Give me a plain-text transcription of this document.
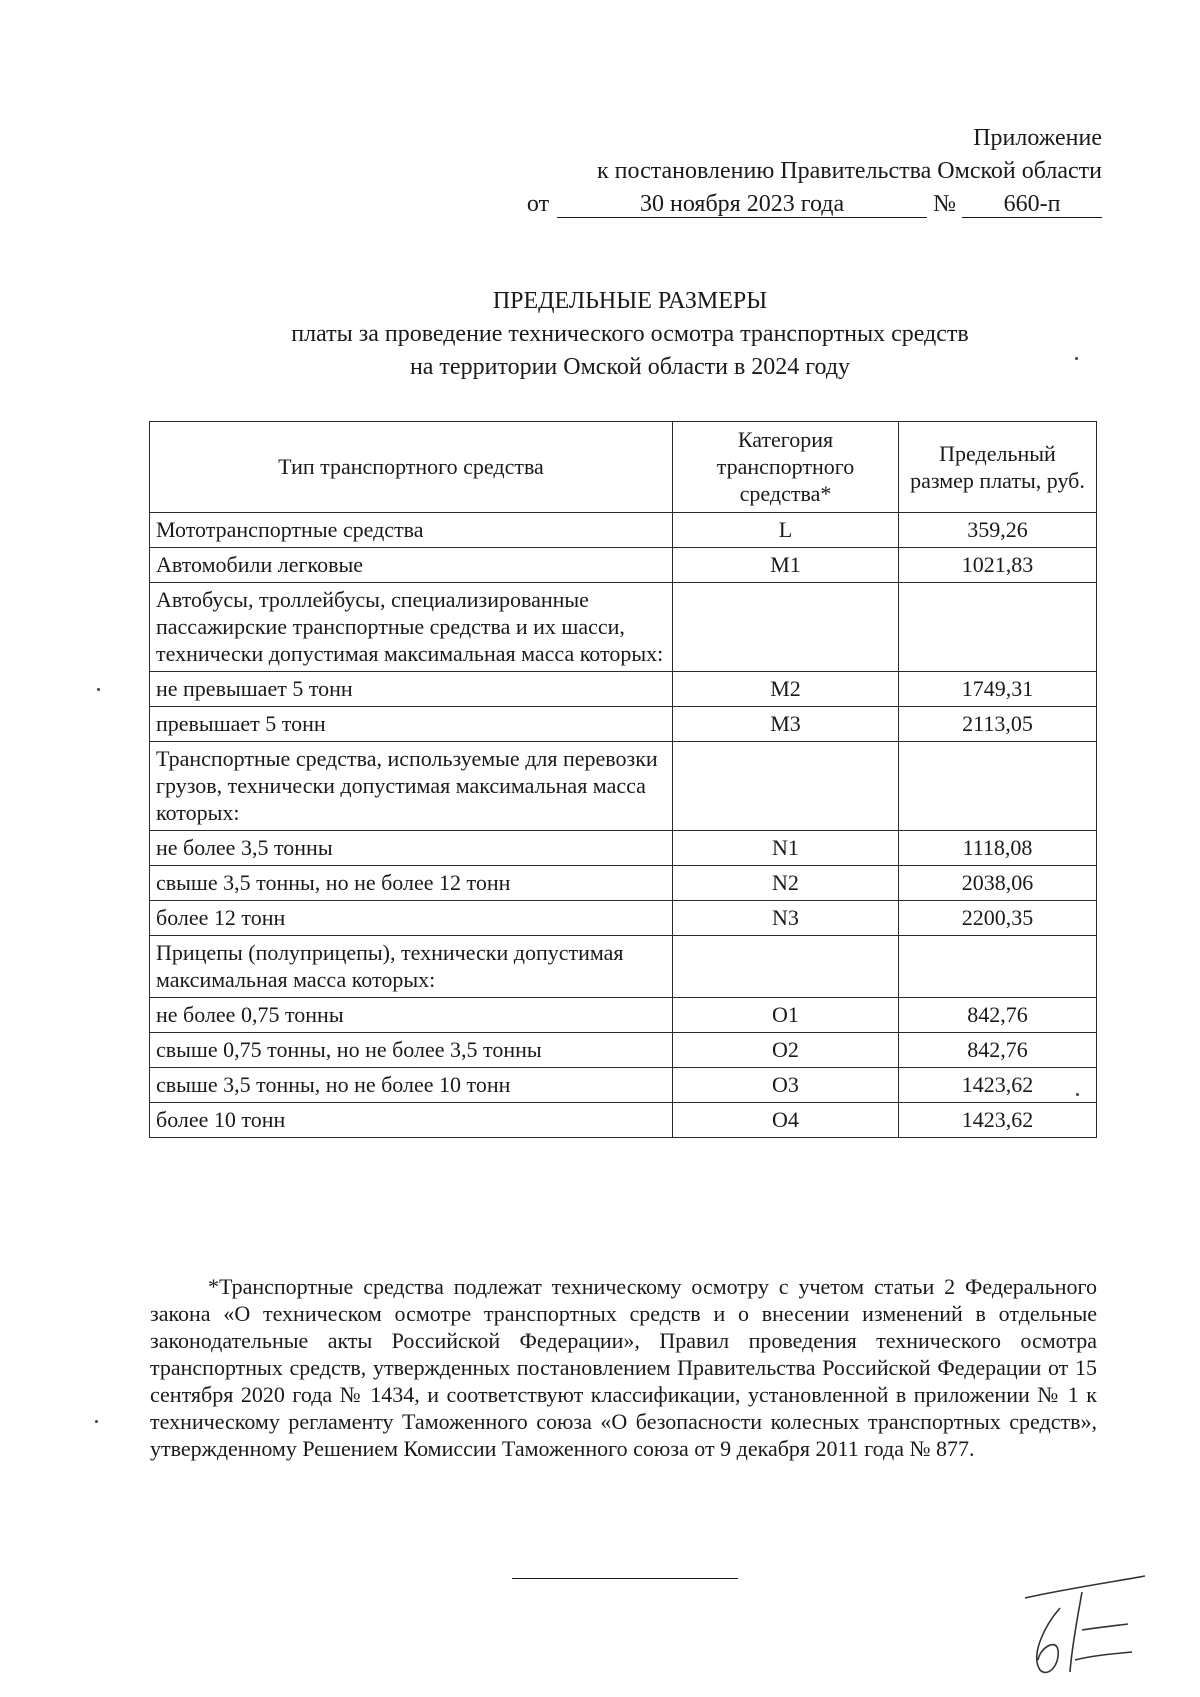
Приложение
к постановлению Правительства Омской области
от	30 ноября 2023 года	№ 660-п
ПРЕДЕЛЬНЫЕ РАЗМЕРЫ
платы за проведение технического осмотра транспортных средств
на территории Омской области в 2024 году
Тип транспортного средства	Категория транспортного средства*	Предельный размер платы, руб.
Мототранспортные средства	L	359,26
Автомобили легковые	M1	1021,83
Автобусы, троллейбусы, специализированные пассажирские транспортные средства и их шасси, технически допустимая максимальная масса которых:		
не превышает 5 тонн	M2	1749,31
превышает 5 тонн	M3	2113,05
Транспортные средства, используемые для перевозки грузов, технически допустимая максимальная масса которых:		
не более 3,5 тонны	N1	1118,08
свыше 3,5 тонны, но не более 12 тонн	N2	2038,06
более 12 тонн	N3	2200,35
Прицепы (полуприцепы), технически допустимая максимальная масса которых:		
не более 0,75 тонны	O1	842,76
свыше 0,75 тонны, но не более 3,5 тонны	O2	842,76
свыше 3,5 тонны, но не более 10 тонн	O3	1423,62
более 10 тонн	O4	1423,62
*Транспортные средства подлежат техническому осмотру с учетом статьи 2 Федерального закона «О техническом осмотре транспортных средств и о внесении изменений в отдельные законодательные акты Российской Федерации», Правил проведения технического осмотра транспортных средств, утвержденных постановлением Правительства Российской Федерации от 15 сентября 2020 года № 1434, и соответствуют классификации, установленной в приложении № 1 к техническому регламенту Таможенного союза «О безопасности колесных транспортных средств», утвержденному Решением Комиссии Таможенного союза от 9 декабря 2011 года № 877.
